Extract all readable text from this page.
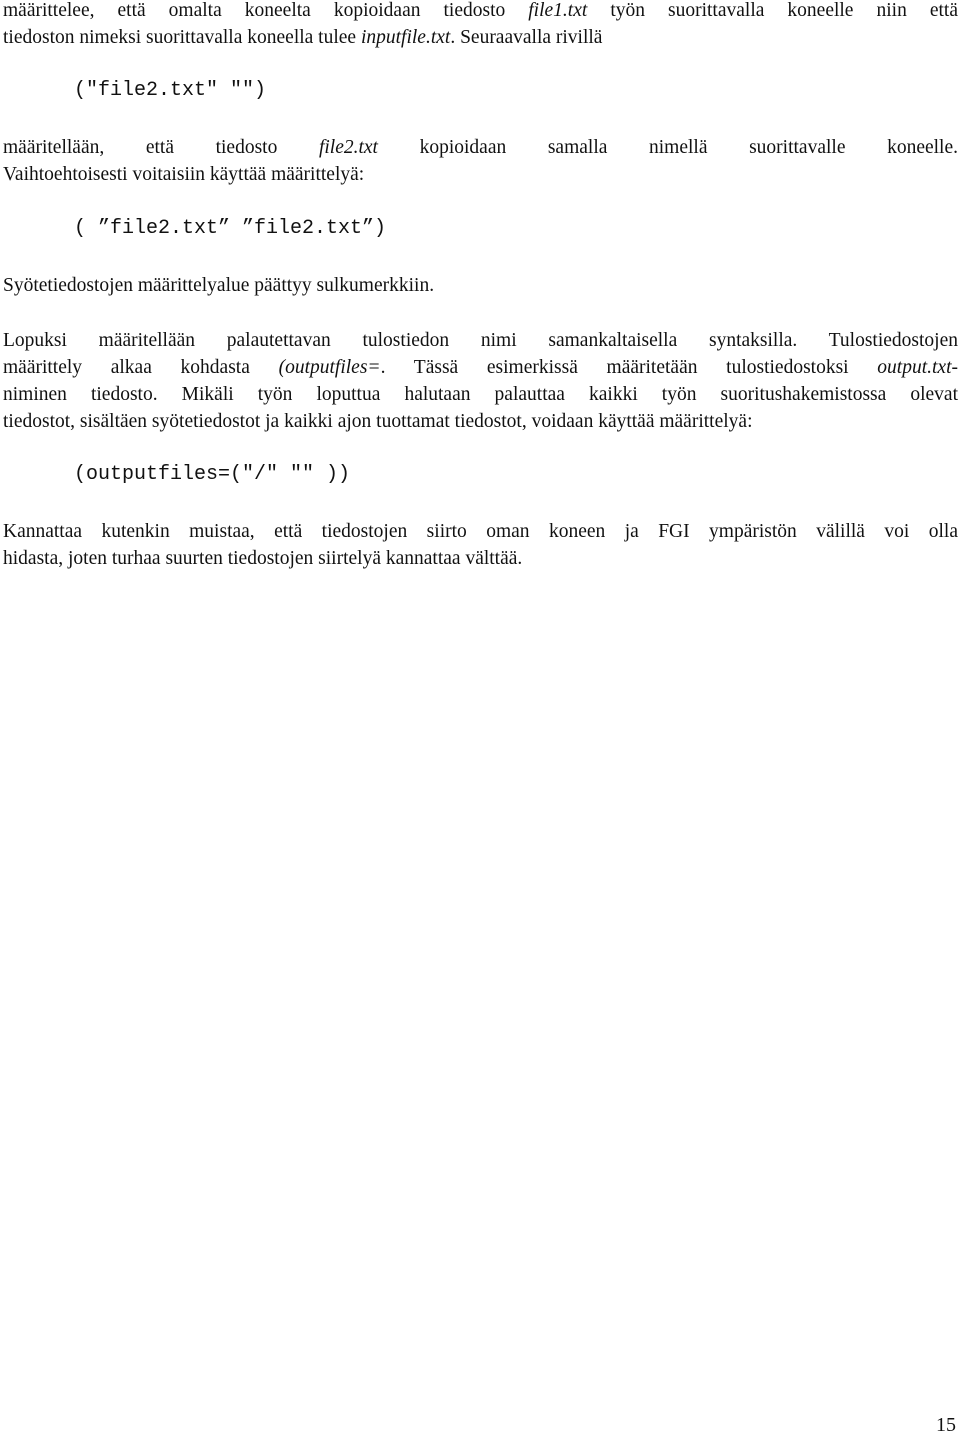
määrittelee, että omalta koneelta kopioidaan tiedosto file1.txt työn suorittavalla koneelle niin että
tiedoston nimeksi suorittavalla koneella tulee inputfile.txt. Seuraavalla rivillä

("file2.txt" "")

määritellään, että tiedosto file2.txt kopioidaan samalla nimellä suorittavalle koneelle.
Vaihtoehtoisesti voitaisiin käyttää määrittelyä:

( ”file2.txt” ”file2.txt”)

Syötetiedostojen määrittelyalue päättyy sulkumerkkiin.

Lopuksi määritellään palautettavan tulostiedon nimi samankaltaisella syntaksilla. Tulostiedostojen
määrittely alkaa kohdasta (outputfiles=. Tässä esimerkissä määritetään tulostiedostoksi output.txt-
niminen tiedosto. Mikäli työn loputtua halutaan palauttaa kaikki työn suoritushakemistossa olevat
tiedostot, sisältäen syötetiedostot ja kaikki ajon tuottamat tiedostot, voidaan käyttää määrittelyä:

(outputfiles=("/" "" ))

Kannattaa kutenkin muistaa, että tiedostojen siirto oman koneen ja FGI ympäristön välillä voi olla
hidasta, joten turhaa suurten tiedostojen siirtelyä kannattaa välttää.

15
